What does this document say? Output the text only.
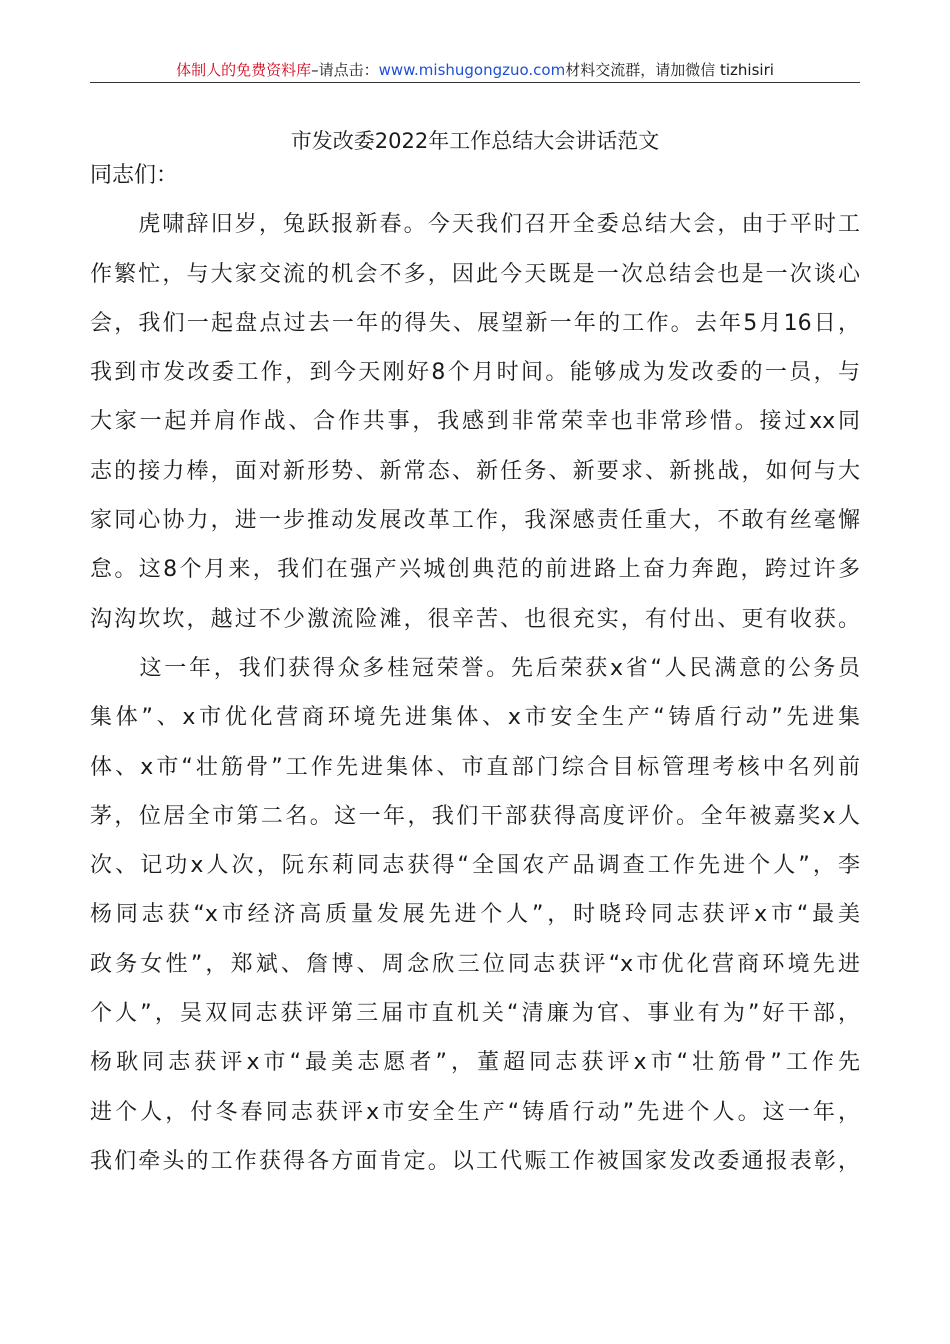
体制人的免费资料库–请点击：www.mishugongzuo.com材料交流群，请加微信 tizhisiri
市发改委2022年工作总结大会讲话范文
同志们：
　　虎啸辞旧岁，兔跃报新春。今天我们召开全委总结大会，由于平时工
作繁忙，与大家交流的机会不多，因此今天既是一次总结会也是一次谈心
会，我们一起盘点过去一年的得失、展望新一年的工作。去年5月16日，
我到市发改委工作，到今天刚好8个月时间。能够成为发改委的一员，与
大家一起并肩作战、合作共事，我感到非常荣幸也非常珍惜。接过xx同
志的接力棒，面对新形势、新常态、新任务、新要求、新挑战，如何与大
家同心协力，进一步推动发展改革工作，我深感责任重大，不敢有丝毫懈
怠。这8个月来，我们在强产兴城创典范的前进路上奋力奔跑，跨过许多
沟沟坎坎，越过不少激流险滩，很辛苦、也很充实，有付出、更有收获。
　　这一年，我们获得众多桂冠荣誉。先后荣获x省“人民满意的公务员
集体”、x市优化营商环境先进集体、x市安全生产“铸盾行动”先进集
体、x市“壮筋骨”工作先进集体、市直部门综合目标管理考核中名列前
茅，位居全市第二名。这一年，我们干部获得高度评价。全年被嘉奖x人
次、记功x人次，阮东莉同志获得“全国农产品调查工作先进个人”，李
杨同志获“x市经济高质量发展先进个人”，时晓玲同志获评x市“最美
政务女性”，郑斌、詹博、周念欣三位同志获评“x市优化营商环境先进
个人”，吴双同志获评第三届市直机关“清廉为官、事业有为”好干部，
杨耿同志获评x市“最美志愿者”，董超同志获评x市“壮筋骨”工作先
进个人，付冬春同志获评x市安全生产“铸盾行动”先进个人。这一年，
我们牵头的工作获得各方面肯定。以工代赈工作被国家发改委通报表彰，
